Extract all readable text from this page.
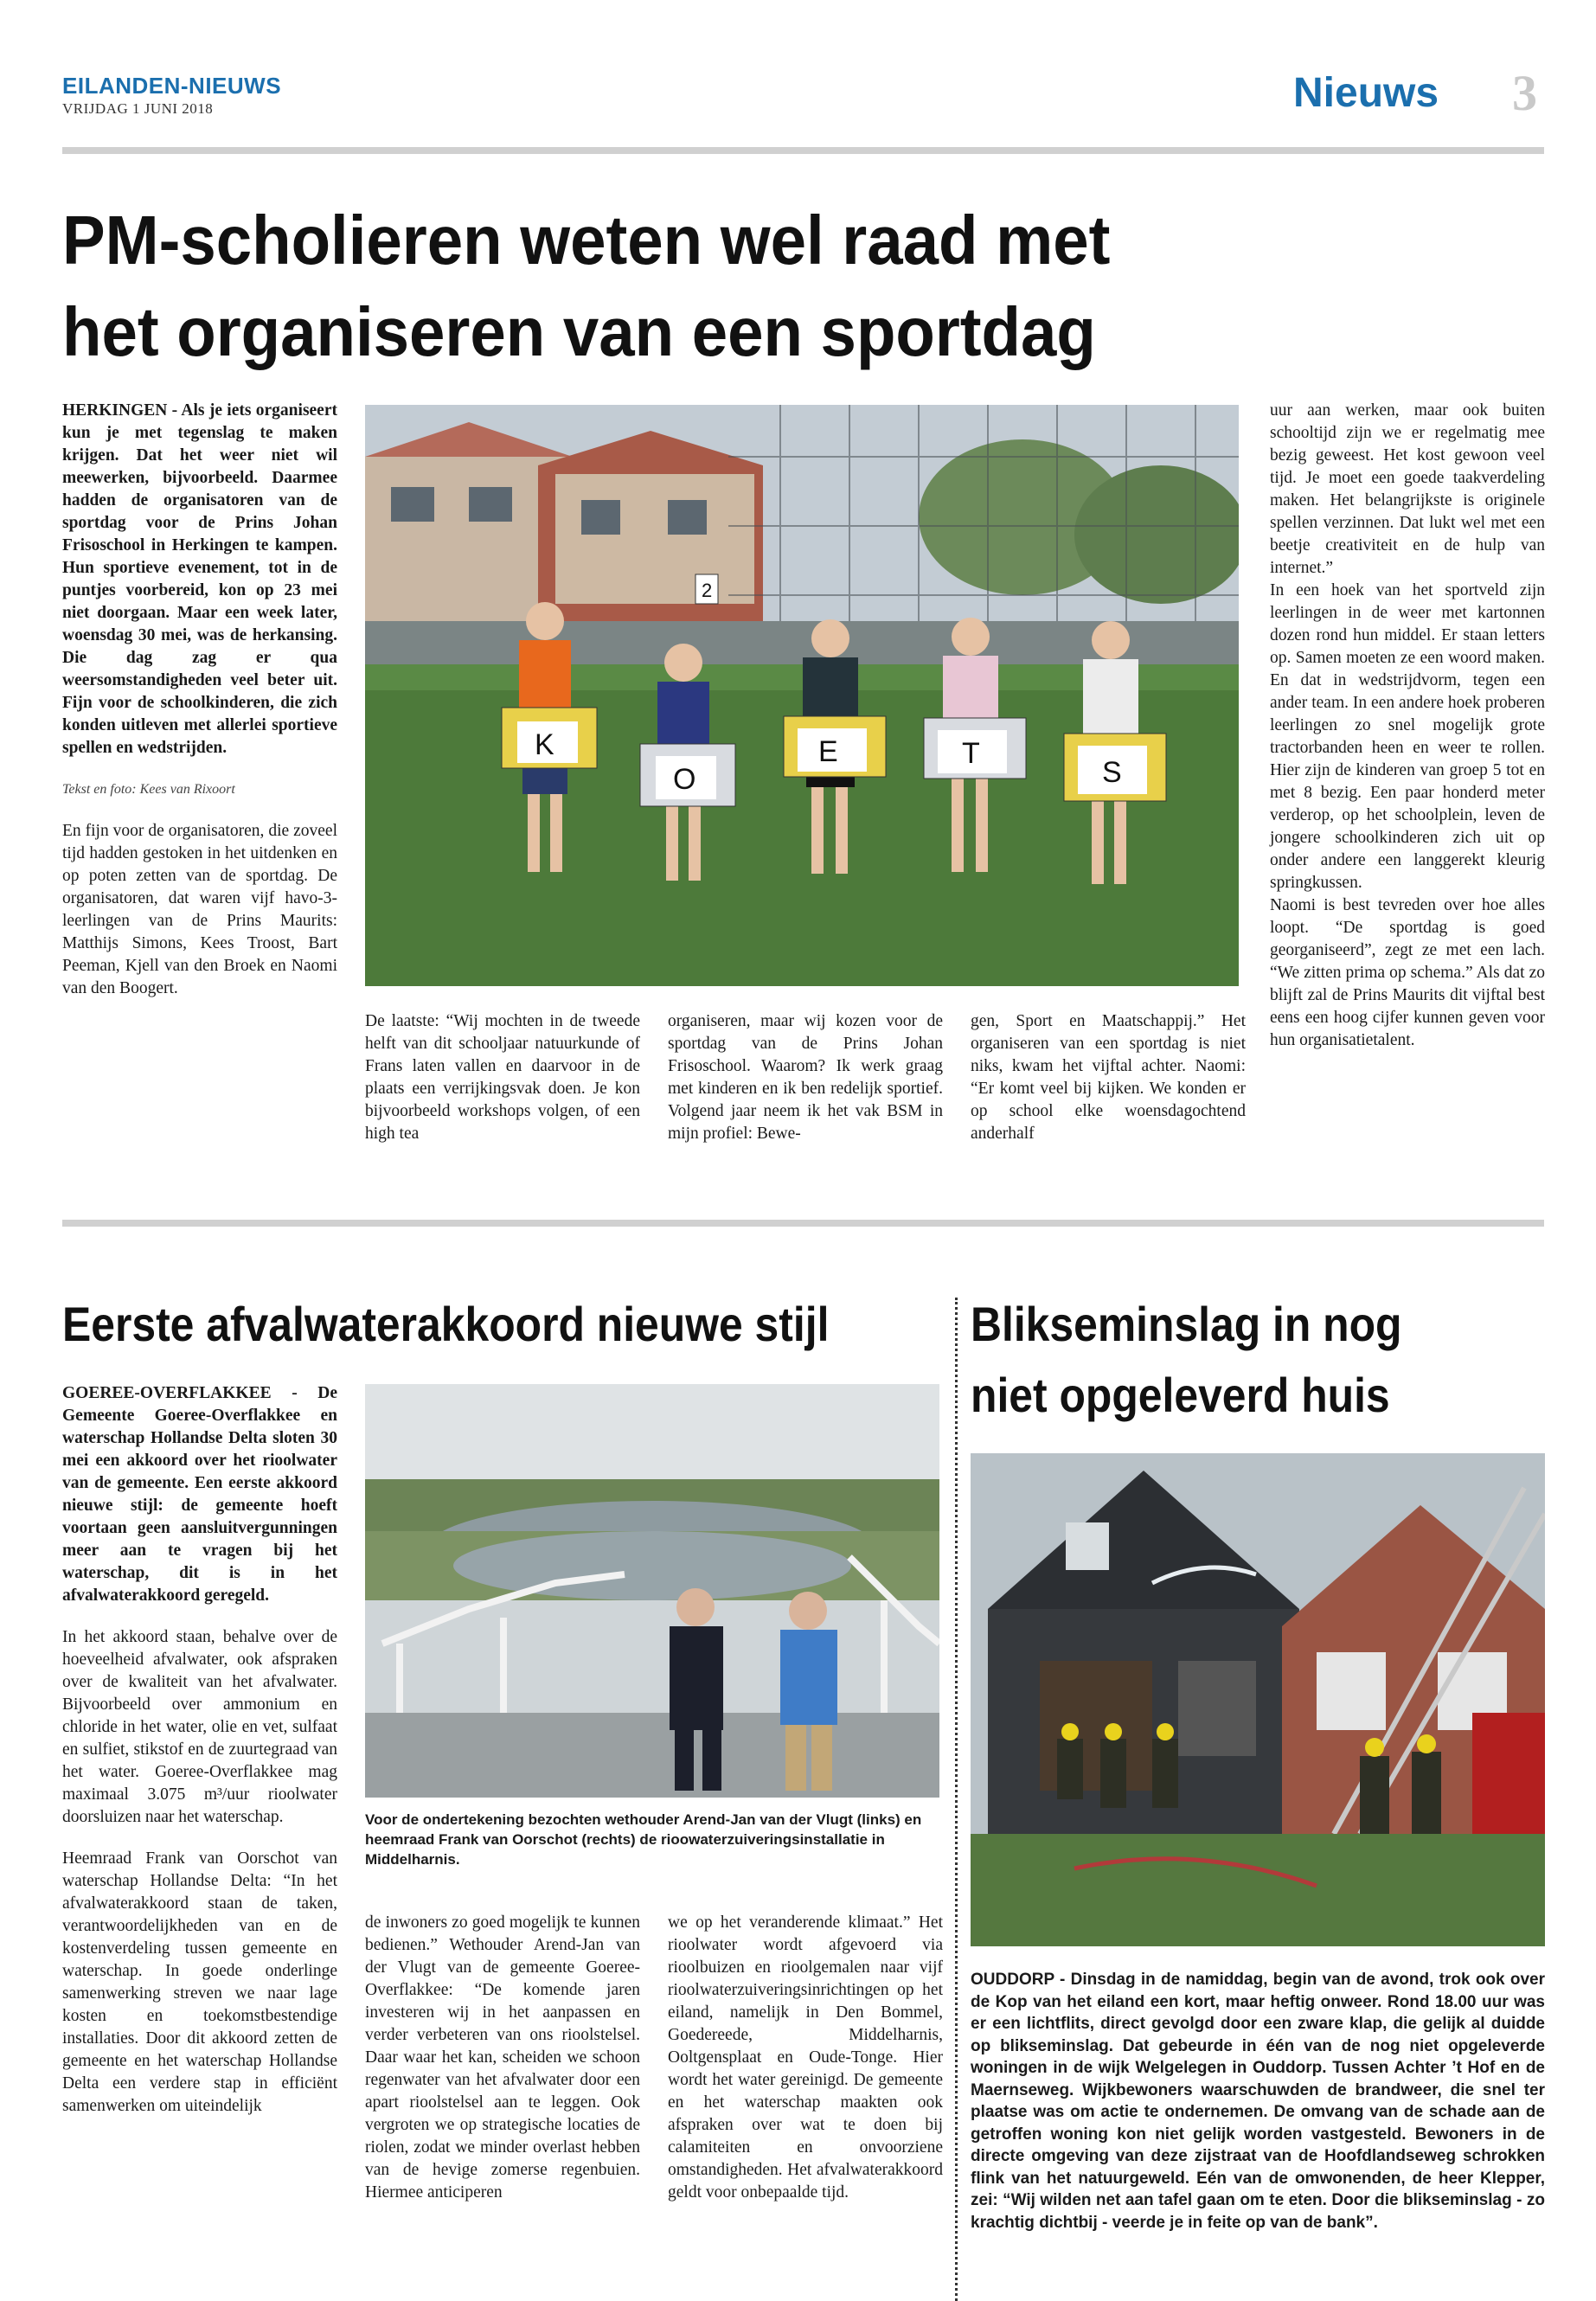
EILANDEN-NIEUWS
VRIJDAG 1 JUNI 2018	Nieuws 3
PM-scholieren weten wel raad met
het organiseren van een sportdag

HERKINGEN - Als je iets organiseert kun je met tegenslag te maken krijgen. Dat het weer niet wil meewerken, bijvoorbeeld. Daarmee hadden de organisatoren van de sportdag voor de Prins Johan Frisoschool in Herkingen te kampen. Hun sportieve evenement, tot in de puntjes voorbereid, kon op 23 mei niet doorgaan. Maar een week later, woensdag 30 mei, was de herkansing. Die dag zag er qua weersomstandigheden veel beter uit. Fijn voor de schoolkinderen, die zich konden uitleven met allerlei sportieve spellen en wedstrijden.

Tekst en foto: Kees van Rixoort

En fijn voor de organisatoren, die zoveel tijd hadden gestoken in het uitdenken en op poten zetten van de sportdag. De organisatoren, dat waren vijf havo-3-leerlingen van de Prins Maurits: Matthijs Simons, Kees Troost, Bart Peeman, Kjell van den Broek en Naomi van den Boogert.

2
K
O
E	T
S

De laatste: “Wij mochten in de tweede helft van dit schooljaar natuurkunde of Frans laten vallen en daarvoor in de plaats een verrijkingsvak doen. Je kon bijvoorbeeld workshops volgen, of een high tea

organiseren, maar wij kozen voor de sportdag van de Prins Johan Frisoschool. Waarom? Ik werk graag met kinderen en ik ben redelijk sportief. Volgend jaar neem ik het vak BSM in mijn profiel: Bewe-

gen, Sport en Maatschappij.” Het organiseren van een sportdag is niet niks, kwam het vijftal achter. Naomi: “Er komt veel bij kijken. We konden er op school elke woensdagochtend anderhalf

uur aan werken, maar ook buiten schooltijd zijn we er regelmatig mee bezig geweest. Het kost gewoon veel tijd. Je moet een goede taakverdeling maken. Het belangrijkste is originele spellen verzinnen. Dat lukt wel met een beetje creativiteit en de hulp van internet.”

In een hoek van het sportveld zijn leerlingen in de weer met kartonnen dozen rond hun middel. Er staan letters op. Samen moeten ze een woord maken. En dat in wedstrijdvorm, tegen een ander team. In een andere hoek proberen leerlingen zo snel mogelijk grote tractorbanden heen en weer te rollen. Hier zijn de kinderen van groep 5 tot en met 8 bezig. Een paar honderd meter verderop, op het schoolplein, leven de jongere schoolkinderen zich uit op onder andere een langgerekt kleurig springkussen.

Naomi is best tevreden over hoe alles loopt. “De sportdag is goed georganiseerd”, zegt ze met een lach. “We zitten prima op schema.” Als dat zo blijft zal de Prins Maurits dit vijftal best eens een hoog cijfer kunnen geven voor hun organisatietalent.

Eerste afvalwaterakkoord nieuwe stijl

GOEREE-OVERFLAKKEE - De Gemeente Goeree-Overflakkee en waterschap Hollandse Delta sloten 30 mei een akkoord over het rioolwater van de gemeente. Een eerste akkoord nieuwe stijl: de gemeente hoeft voortaan geen aansluitvergunningen meer aan te vragen bij het waterschap, dit is in het afvalwaterakkoord geregeld.

In het akkoord staan, behalve over de hoeveelheid afvalwater, ook afspraken over de kwaliteit van het afvalwater. Bijvoorbeeld over ammonium en chloride in het water, olie en vet, sulfaat en sulfiet, stikstof en de zuurtegraad van het water. Goeree-Overflakkee mag maximaal 3.075 m³/uur rioolwater doorsluizen naar het waterschap.

Heemraad Frank van Oorschot van waterschap Hollandse Delta: “In het afvalwaterakkoord staan de taken, verantwoordelijkheden van en de kostenverdeling tussen gemeente en waterschap. In goede onderlinge samenwerking streven we naar lage kosten en toekomstbestendige installaties. Door dit akkoord zetten de gemeente en het waterschap Hollandse Delta een verdere stap in efficiënt samenwerken om uiteindelijk

Voor de ondertekening bezochten wethouder Arend-Jan van der Vlugt (links) en heemraad Frank van Oorschot (rechts) de rioowaterzuiveringsinstallatie in Middelharnis.

de inwoners zo goed mogelijk te kunnen bedienen.” Wethouder Arend-Jan van der Vlugt van de gemeente Goeree-Overflakkee: “De komende jaren investeren wij in het aanpassen en verder verbeteren van ons rioolstelsel. Daar waar het kan, scheiden we schoon regenwater van het afvalwater door een apart rioolstelsel aan te leggen. Ook vergroten we op strategische locaties de riolen, zodat we minder overlast hebben van de hevige zomerse regenbuien. Hiermee anticiperen

we op het veranderende klimaat.” Het rioolwater wordt afgevoerd via rioolbuizen en rioolgemalen naar vijf rioolwaterzuiveringsinrichtingen op het eiland, namelijk in Den Bommel, Goedereede, Middelharnis, Ooltgensplaat en Oude-Tonge. Hier wordt het water gereinigd. De gemeente en het waterschap maakten ook afspraken over wat te doen bij calamiteiten en onvoorziene omstandigheden. Het afvalwaterakkoord geldt voor onbepaalde tijd.

Blikseminslag in nog
niet opgeleverd huis
OUDDORP - Dinsdag in de namiddag, begin van de avond, trok ook over de Kop van het eiland een kort, maar heftig onweer. Rond 18.00 uur was er een lichtflits, direct gevolgd door een zware klap, die gelijk al duidde op blikseminslag. Dat gebeurde in één van de nog niet opgeleverde woningen in de wijk Welgelegen in Ouddorp. Tussen Achter ’t Hof en de Maernseweg. Wijkbewoners waarschuwden de brandweer, die snel ter plaatse was om actie te ondernemen. De omvang van de schade aan de getroffen woning kon niet gelijk worden vastgesteld. Bewoners in de directe omgeving van deze zijstraat van de Hoofdlandseweg schrokken flink van het natuurgeweld. Eén van de omwonenden, de heer Klepper, zei: “Wij wilden net aan tafel gaan om te eten. Door die blikseminslag - zo krachtig dichtbij - veerde je in feite op van de bank”.
